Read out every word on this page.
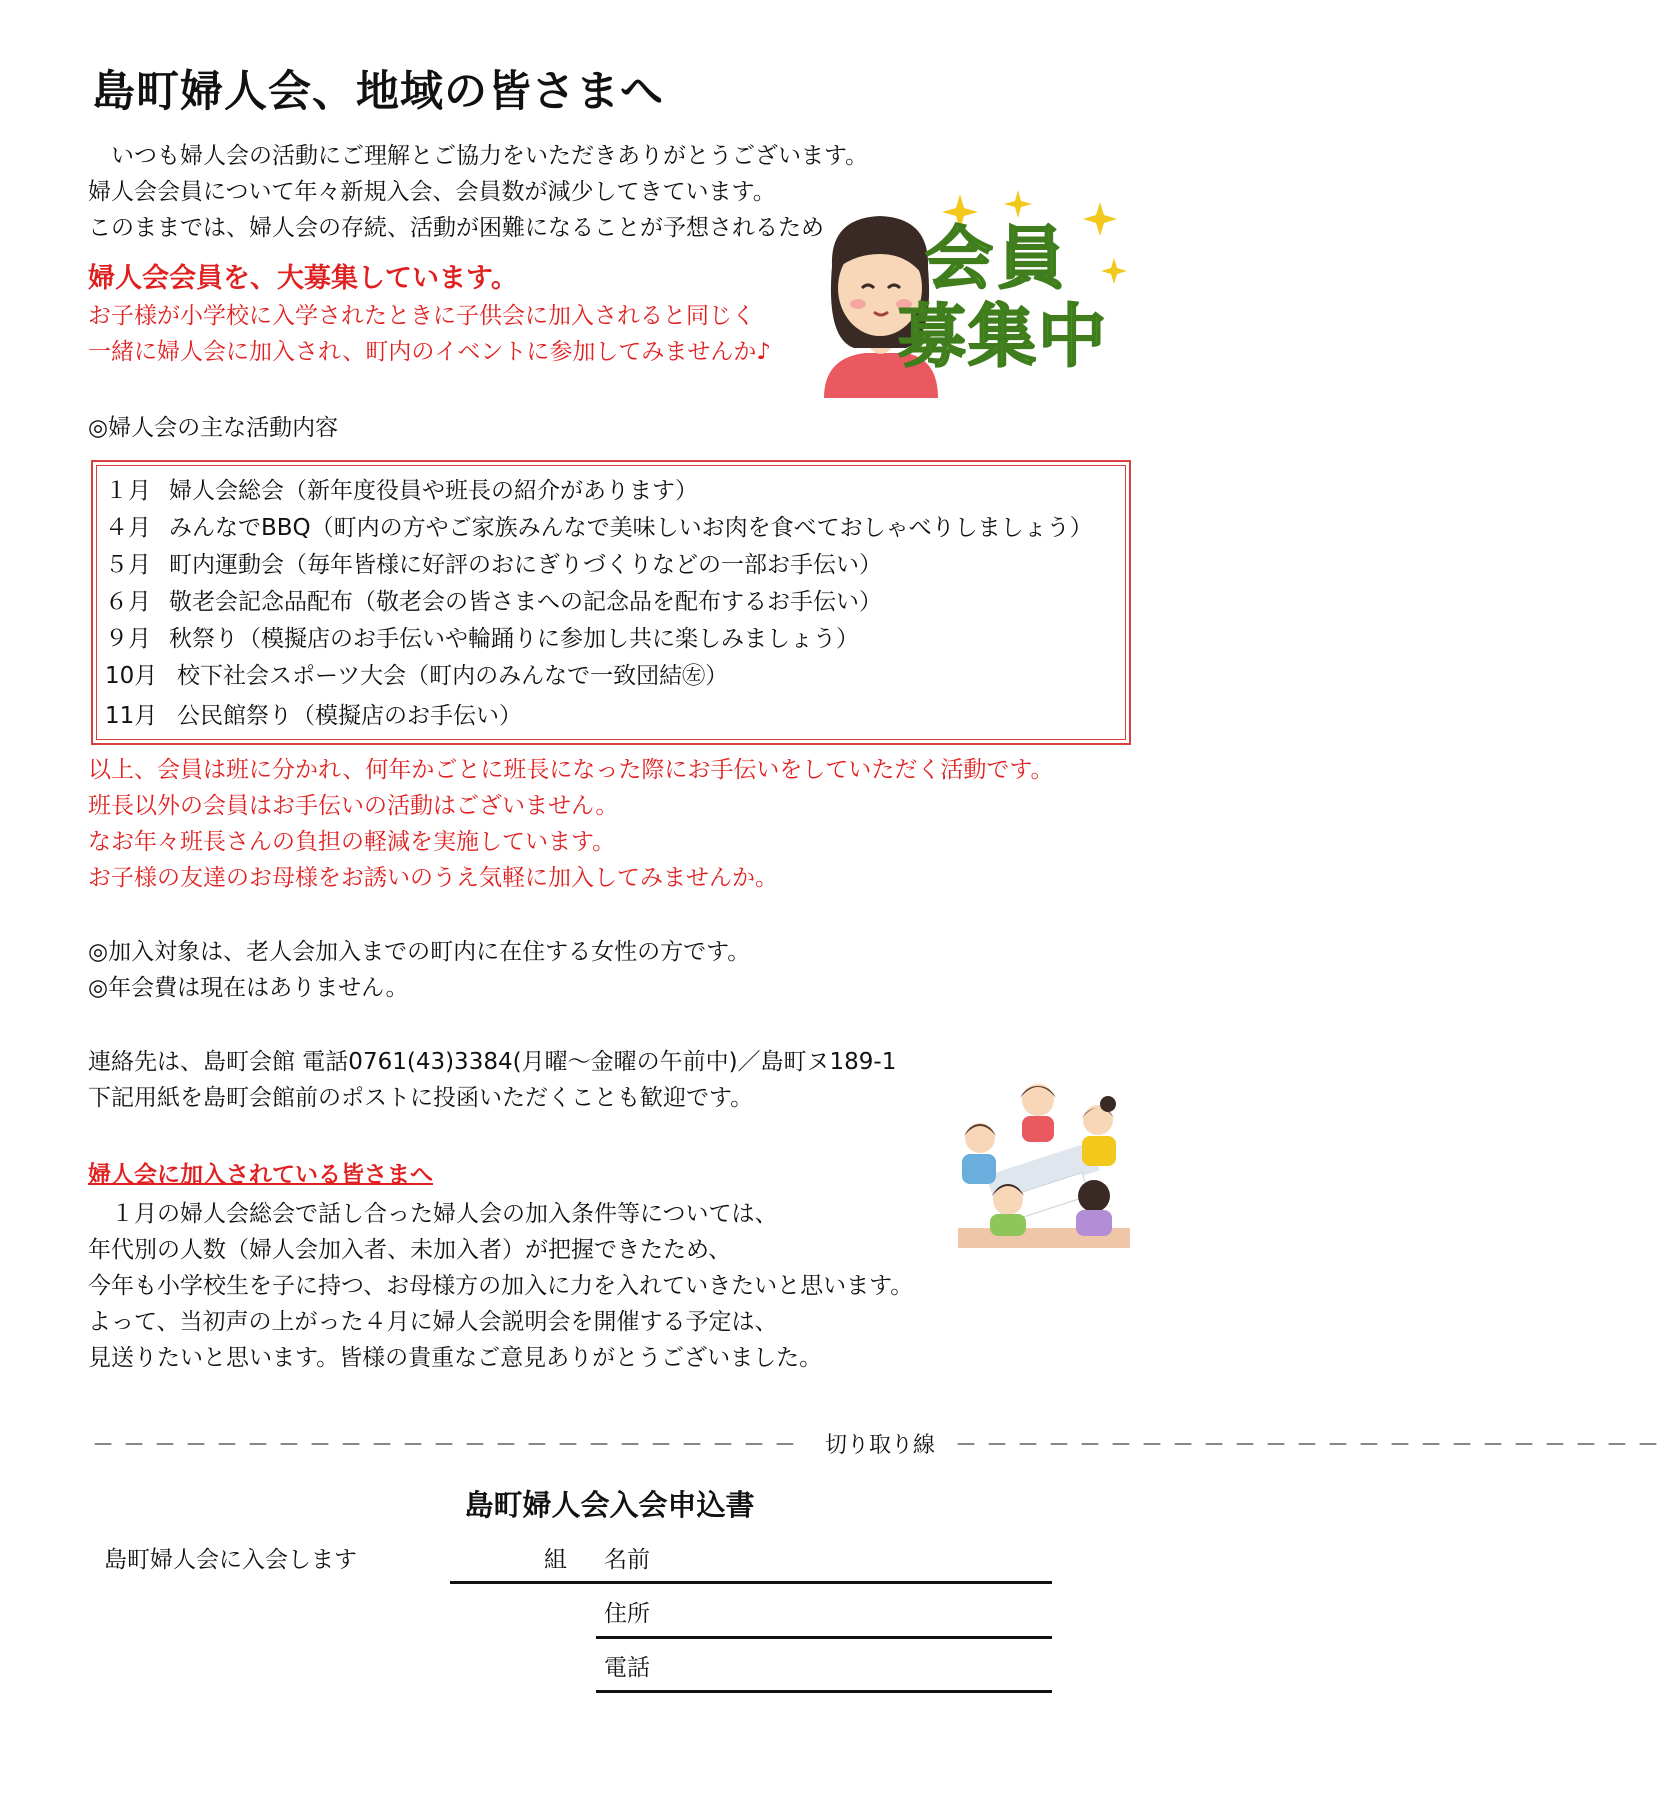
島町婦人会、地域の皆さまへ
　いつも婦人会の活動にご理解とご協力をいただきありがとうございます。
婦人会会員について年々新規入会、会員数が減少してきています。
このままでは、婦人会の存続、活動が困難になることが予想されるため
婦人会会員を、大募集しています。
お子様が小学校に入学されたときに子供会に加入されると同じく
一緒に婦人会に加入され、町内のイベントに参加してみませんか♪
会員
募集中
◎婦人会の主な活動内容
１月 婦人会総会（新年度役員や班長の紹介があります）
４月 みんなでBBQ（町内の方やご家族みんなで美味しいお肉を食べておしゃべりしましょう）
５月 町内運動会（毎年皆様に好評のおにぎりづくりなどの一部お手伝い）
６月 敬老会記念品配布（敬老会の皆さまへの記念品を配布するお手伝い）
９月 秋祭り（模擬店のお手伝いや輪踊りに参加し共に楽しみましょう）
10月 校下社会スポーツ大会（町内のみんなで一致団結㊧）
11月 公民館祭り（模擬店のお手伝い）
以上、会員は班に分かれ、何年かごとに班長になった際にお手伝いをしていただく活動です。
班長以外の会員はお手伝いの活動はございません。
なお年々班長さんの負担の軽減を実施しています。
お子様の友達のお母様をお誘いのうえ気軽に加入してみませんか。
◎加入対象は、老人会加入までの町内に在住する女性の方です。
◎年会費は現在はありません。
連絡先は、島町会館 電話0761(43)3384(月曜～金曜の午前中)／島町ヌ189-1
下記用紙を島町会館前のポストに投函いただくことも歓迎です。
婦人会に加入されている皆さまへ
　１月の婦人会総会で話し合った婦人会の加入条件等については、
年代別の人数（婦人会加入者、未加入者）が把握できたため、
今年も小学校生を子に持つ、お母様方の加入に力を入れていきたいと思います。
よって、当初声の上がった４月に婦人会説明会を開催する予定は、
見送りたいと思います。皆様の貴重なご意見ありがとうございました。
－－－－－－－－－－－－－－－－－－－－－－－ 切り取り線 －－－－－－－－－－－－－－－－－－－－－－－
島町婦人会入会申込書
島町婦人会に入会します	組 名前
住所
電話
